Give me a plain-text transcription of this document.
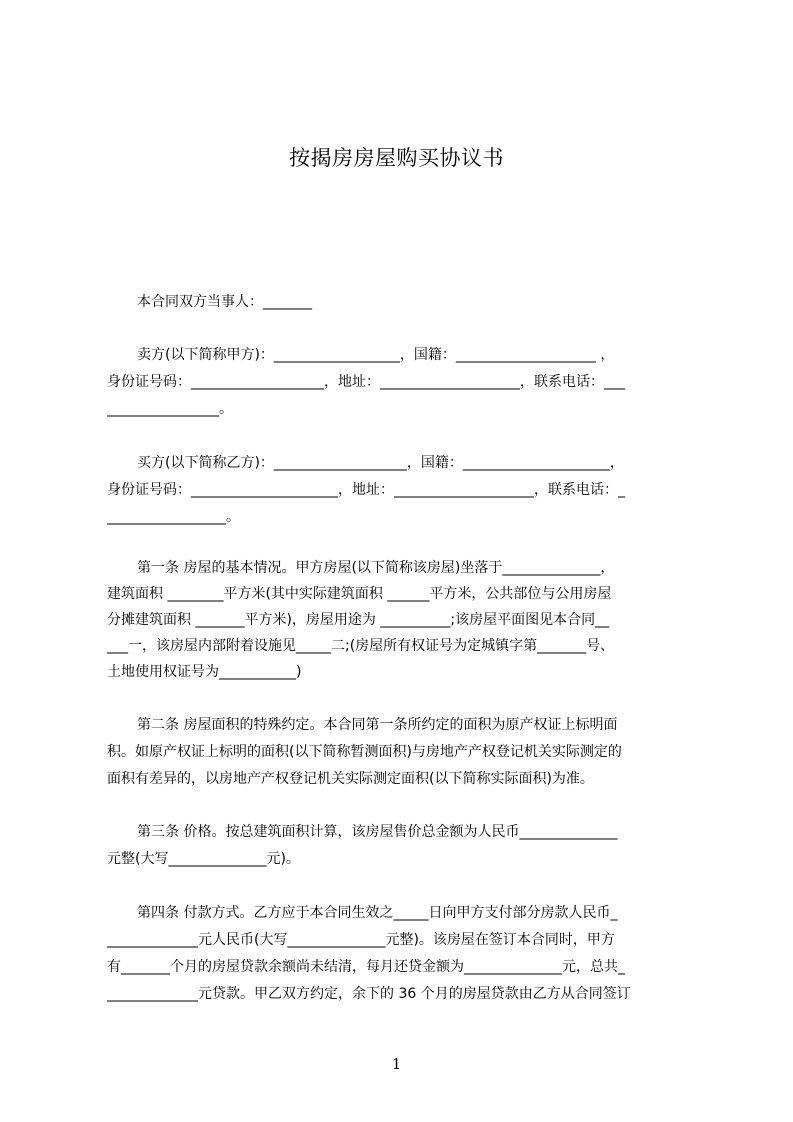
按揭房房屋购买协议书
本合同双方当事人：_______
卖方(以下简称甲方)：__________________，国籍：____________________ ，
身份证号码：___________________，地址：____________________，联系电话：___
________________。
买方(以下简称乙方)：___________________，国籍：_____________________，
身份证号码：_____________________，地址：____________________，联系电话：_
_________________。
第一条 房屋的基本情况。甲方房屋(以下简称该房屋)坐落于______________，
建筑面积 ________平方米(其中实际建筑面积 ______平方米，公共部位与公用房屋
分摊建筑面积 _______平方米)，房屋用途为 __________;该房屋平面图见本合同__
___一，该房屋内部附着设施见_____二;(房屋所有权证号为定城镇字第_______号、
土地使用权证号为___________)
第二条 房屋面积的特殊约定。本合同第一条所约定的面积为原产权证上标明面
积。如原产权证上标明的面积(以下简称暂测面积)与房地产产权登记机关实际测定的
面积有差异的，以房地产产权登记机关实际测定面积(以下简称实际面积)为准。
第三条 价格。按总建筑面积计算，该房屋售价总金额为人民币______________
元整(大写______________元)。
第四条 付款方式。乙方应于本合同生效之_____日向甲方支付部分房款人民币_
_____________元人民币(大写______________元整)。该房屋在签订本合同时，甲方
有_______个月的房屋贷款余额尚未结清，每月还贷金额为______________元，总共_
_____________元贷款。甲乙双方约定，余下的 36 个月的房屋贷款由乙方从合同签订
1
